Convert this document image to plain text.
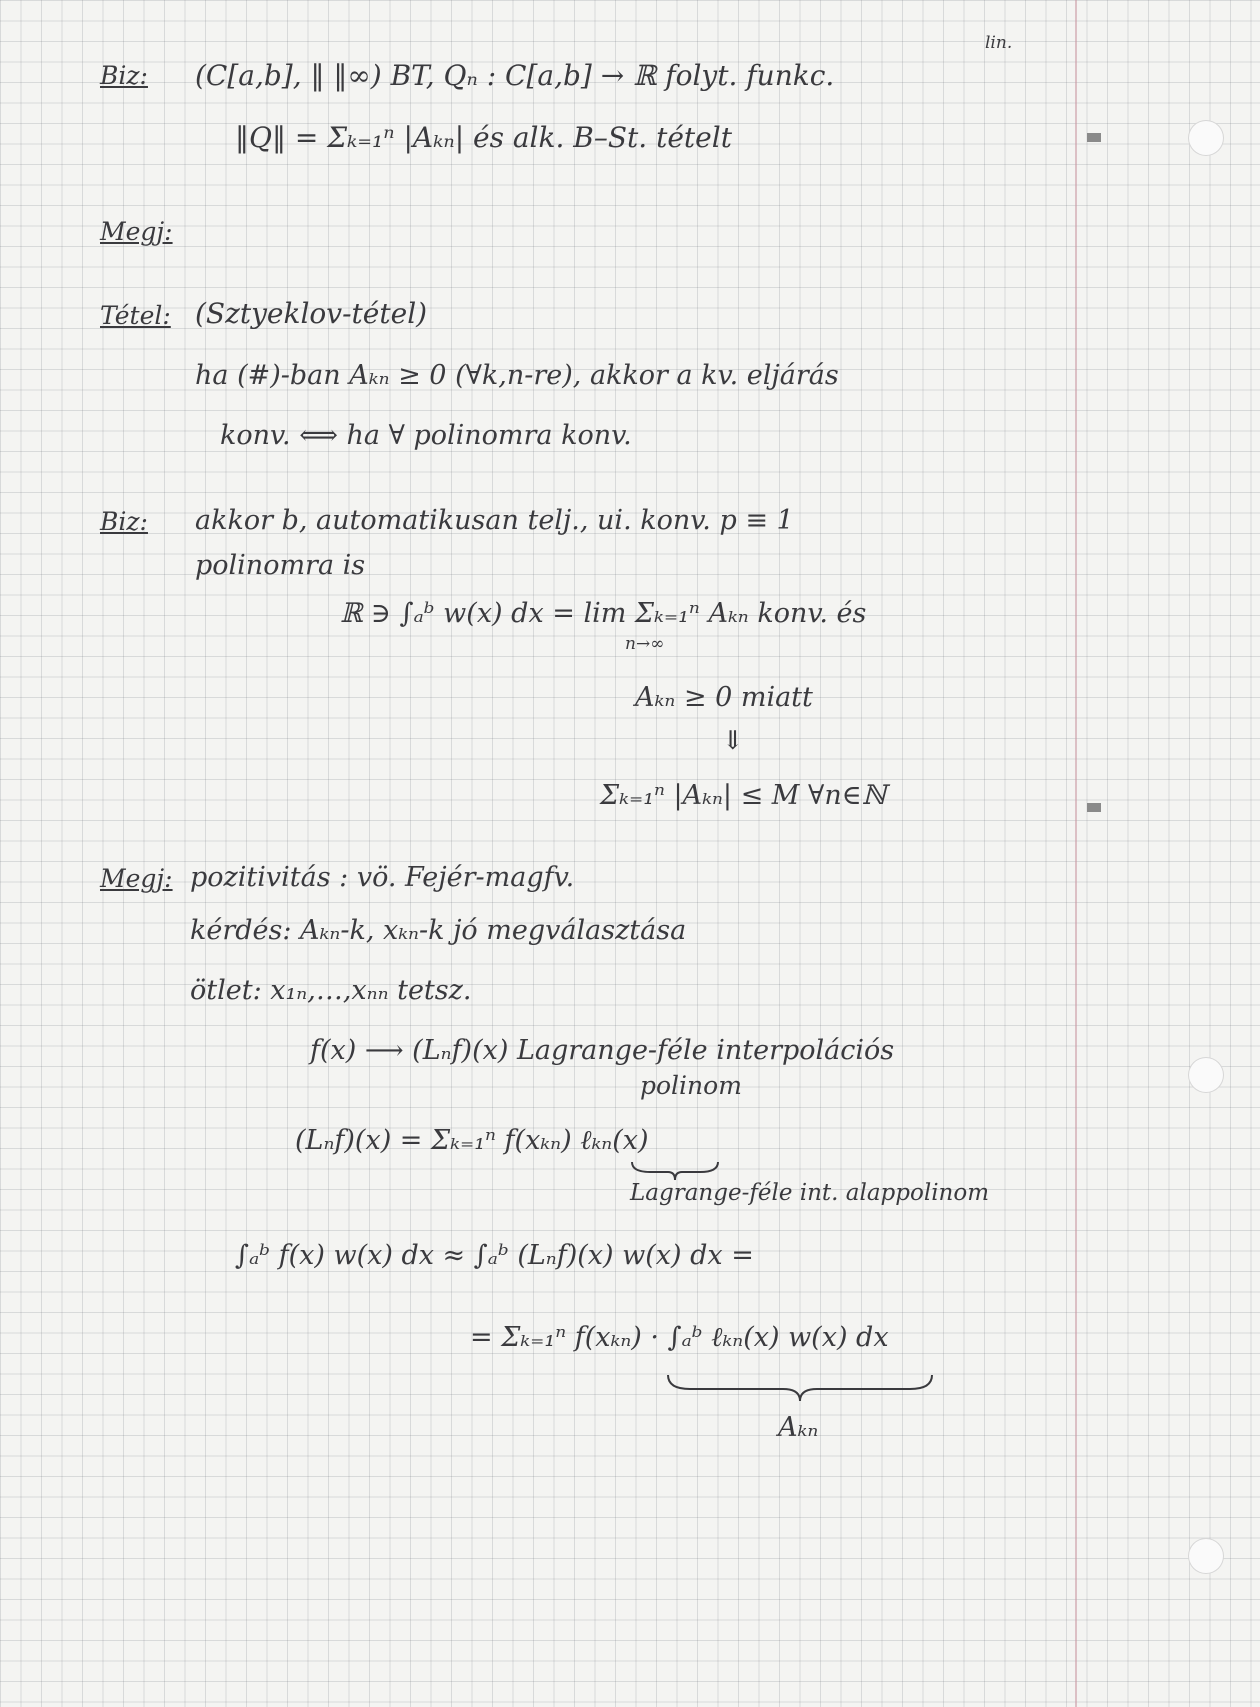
Biz: (C[a,b], ‖ ‖∞) BT, Qₙ : C[a,b] → ℝ folyt. funkc.
lin.
‖Q‖ = Σₖ₌₁ⁿ |Aₖₙ| és alk. B–St. tételt
Megj:
Tétel: (Sztyeklov-tétel)
ha (#)-ban Aₖₙ ≥ 0 (∀k,n-re), akkor a kv. eljárás
konv. ⟺ ha ∀ polinomra konv.
Biz: akkor b, automatikusan telj., ui. konv. p ≡ 1
polinomra is
ℝ ∋ ∫ₐᵇ w(x) dx = lim Σₖ₌₁ⁿ Aₖₙ konv. és
n→∞
Aₖₙ ≥ 0 miatt
⇓
Σₖ₌₁ⁿ |Aₖₙ| ≤ M ∀n∈ℕ
Megj: pozitivitás : vö. Fejér-magfv.
kérdés: Aₖₙ-k, xₖₙ-k jó megválasztása
ötlet: x₁ₙ,…,xₙₙ tetsz.
f(x) ⟶ (Lₙf)(x) Lagrange-féle interpolációs
polinom
(Lₙf)(x) = Σₖ₌₁ⁿ f(xₖₙ) ℓₖₙ(x)
Lagrange-féle int. alappolinom
∫ₐᵇ f(x) w(x) dx ≈ ∫ₐᵇ (Lₙf)(x) w(x) dx =
= Σₖ₌₁ⁿ f(xₖₙ) · ∫ₐᵇ ℓₖₙ(x) w(x) dx
Aₖₙ
